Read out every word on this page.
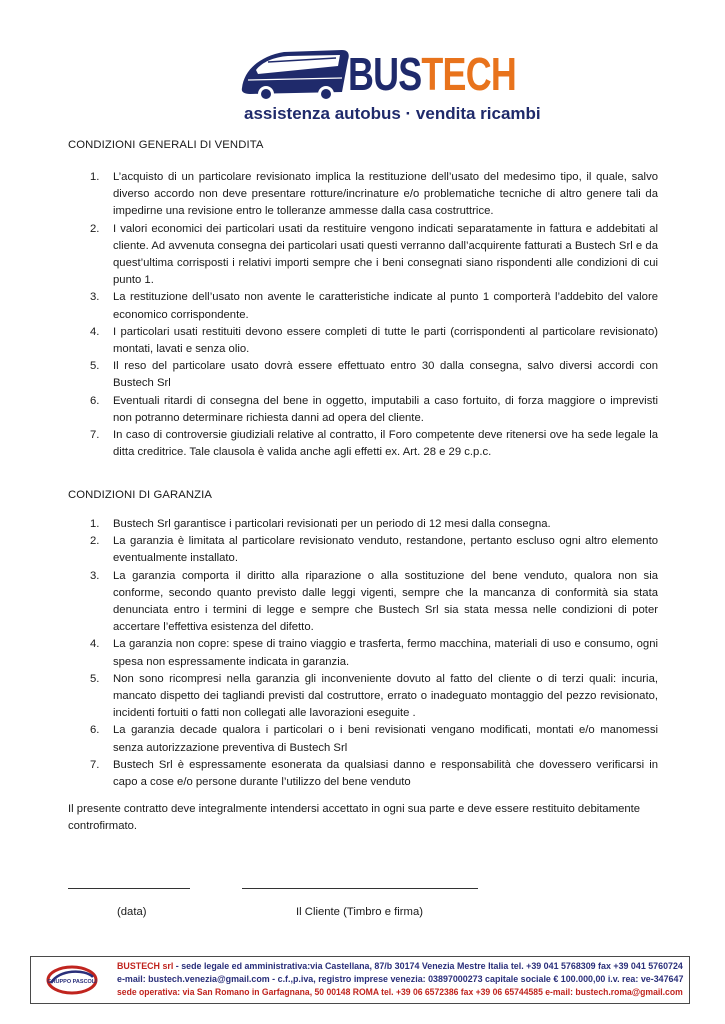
BUSTECH
assistenza autobus · vendita ricambi
CONDIZIONI GENERALI DI VENDITA
1. L’acquisto di un particolare revisionato implica la restituzione dell’usato del medesimo tipo, il quale, salvo diverso accordo non deve presentare rotture/incrinature e/o problematiche tecniche di altro genere tali da impedirne una revisione entro le tolleranze ammesse dalla casa costruttrice.
2. I valori economici dei particolari usati da restituire vengono indicati separatamente in fattura e addebitati al cliente. Ad avvenuta consegna dei particolari usati questi verranno dall’acquirente fatturati a Bustech Srl e da quest’ultima corrisposti i relativi importi sempre che i beni consegnati siano rispondenti alle condizioni di cui punto 1.
3. La restituzione dell’usato non avente le caratteristiche indicate al punto 1 comporterà l’addebito del valore economico corrispondente.
4. I particolari usati restituiti devono essere completi di tutte le parti (corrispondenti al particolare revisionato) montati, lavati e senza olio.
5. Il reso del particolare usato dovrà essere effettuato entro 30 dalla consegna, salvo diversi accordi con Bustech Srl
6. Eventuali ritardi di consegna del bene in oggetto, imputabili a caso fortuito, di forza maggiore o imprevisti non potranno determinare richiesta danni ad opera del cliente.
7. In caso di controversie giudiziali relative al contratto, il Foro competente deve ritenersi ove ha sede legale la ditta creditrice. Tale clausola è valida anche agli effetti ex. Art. 28 e 29 c.p.c.
CONDIZIONI DI GARANZIA
1. Bustech Srl garantisce i particolari revisionati per un periodo di 12 mesi dalla consegna.
2. La garanzia è limitata al particolare revisionato venduto, restandone, pertanto escluso ogni altro elemento eventualmente installato.
3. La garanzia comporta il diritto alla riparazione o alla sostituzione del bene venduto, qualora non sia conforme, secondo quanto previsto dalle leggi vigenti, sempre che la mancanza di conformità sia stata denunciata entro i termini di legge e sempre che Bustech Srl sia stata messa nelle condizioni di poter accertare l’effettiva esistenza del difetto.
4. La garanzia non copre: spese di traino viaggio e trasferta, fermo macchina, materiali di uso e consumo, ogni spesa non espressamente indicata in garanzia.
5. Non sono ricompresi nella garanzia gli inconveniente dovuto al fatto del cliente o di terzi quali: incuria, mancato dispetto dei tagliandi previsti dal costruttore, errato o inadeguato montaggio del pezzo revisionato, incidenti fortuiti o fatti non collegati alle lavorazioni eseguite .
6. La garanzia decade qualora i particolari o i beni revisionati vengano modificati, montati e/o manomessi senza autorizzazione preventiva di Bustech Srl
7. Bustech Srl è espressamente esonerata da qualsiasi danno e responsabilità che dovessero verificarsi in capo a cose e/o persone durante l’utilizzo del bene venduto
Il presente contratto deve integralmente intendersi accettato in ogni sua parte e deve essere restituito debitamente controfirmato.
(data)	Il Cliente (Timbro e firma)
GRUPPO PASCOLI
BUSTECH srl - sede legale ed amministrativa:via Castellana, 87/b 30174 Venezia Mestre Italia tel. +39 041 5768309 fax +39 041 5760724
e-mail: bustech.venezia@gmail.com - c.f.,p.iva, registro imprese venezia: 03897000273 capitale sociale € 100.000,00 i.v. rea: ve-347647
sede operativa: via San Romano in Garfagnana, 50 00148 ROMA tel. +39 06 6572386 fax +39 06 65744585 e-mail: bustech.roma@gmail.com
